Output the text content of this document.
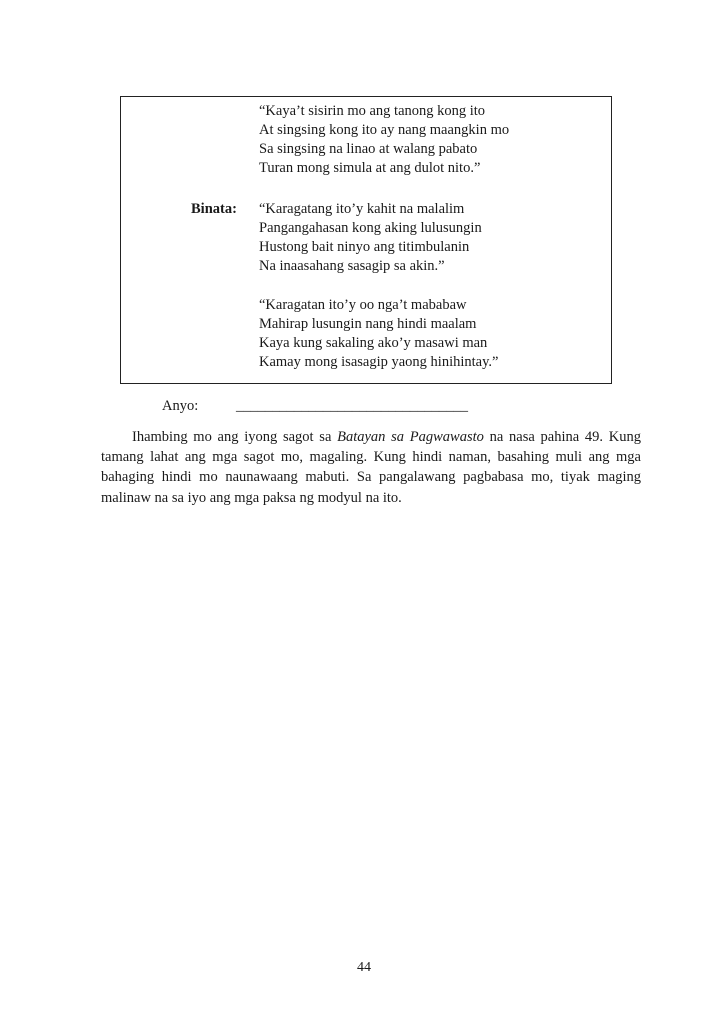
“Kaya’t sisirin mo ang tanong kong ito
At singsing kong ito ay nang maangkin mo
Sa singsing na linao at walang pabato
Turan mong simula at ang dulot nito.”
Binata: “Karagatang ito’y kahit na malalim
Pangangahasan kong aking lulusungin
Hustong bait ninyo ang titimbulanin
Na inaasahang sasagip sa akin.”
“Karagatan ito’y oo nga’t mababaw
Mahirap lusungin nang hindi maalam
Kaya kung sakaling ako’y masawi man
Kamay mong isasagip yaong hinihintay.”
Anyo:	________________________________
Ihambing mo ang iyong sagot sa Batayan sa Pagwawasto na nasa pahina 49. Kung tamang lahat ang mga sagot mo, magaling. Kung hindi naman, basahing muli ang mga bahaging hindi mo naunawaang mabuti. Sa pangalawang pagbabasa mo, tiyak maging malinaw na sa iyo ang mga paksa ng modyul na ito.
44
